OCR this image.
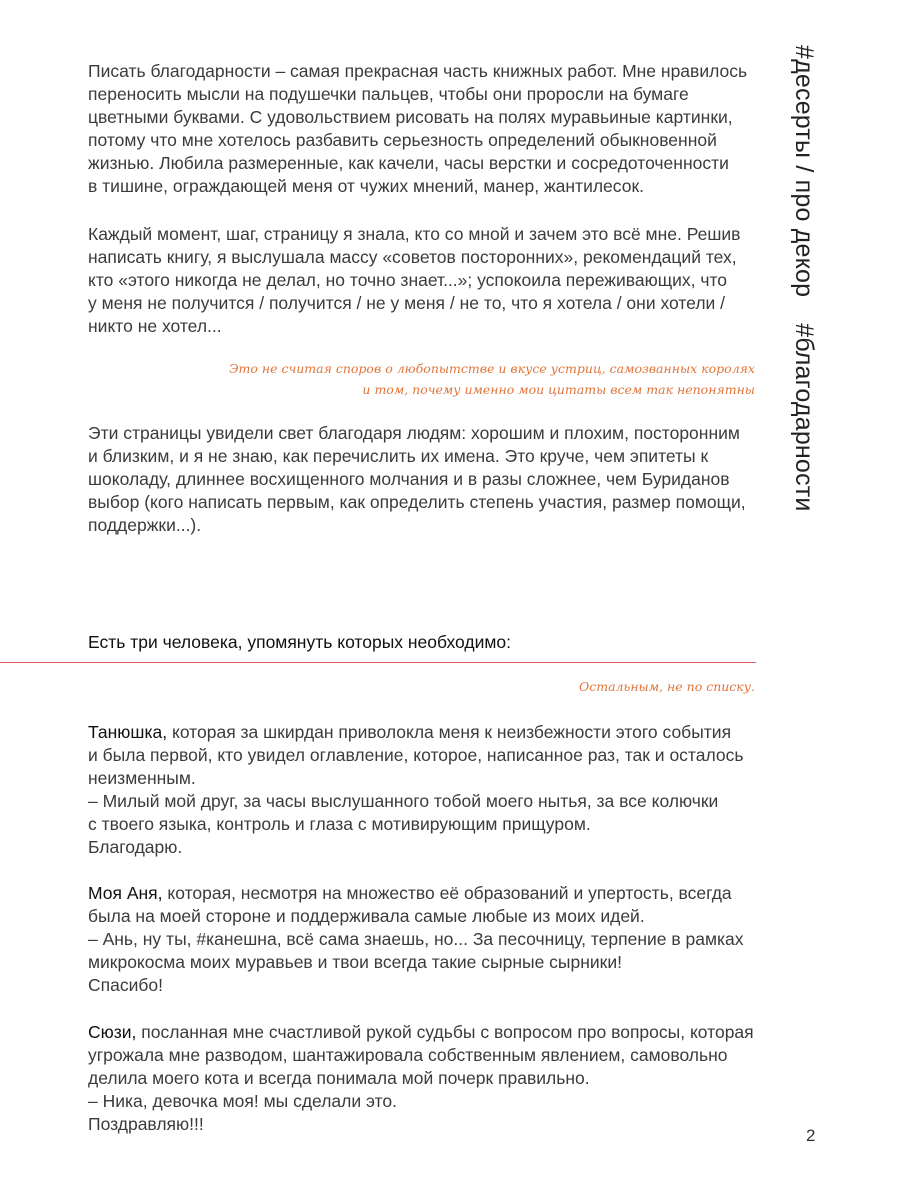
#десерты / про декор#благодарности

Писать благодарности – самая прекрасная часть книжных работ. Мне нравилось

переносить мысли на подушечки пальцев, чтобы они проросли на бумаге

цветными буквами. С удовольствием рисовать на полях муравьиные картинки,

потому что мне хотелось разбавить серьезность определений обыкновенной

жизнью. Любила размеренные, как качели, часы верстки и сосредоточенности

в тишине, ограждающей меня от чужих мнений, манер, жантилесок.

Каждый момент, шаг, страницу я знала, кто со мной и зачем это всё мне. Решив

написать книгу, я выслушала массу «советов посторонних», рекомендаций тех,

кто «этого никогда не делал, но точно знает...»; успокоила переживающих, что

у меня не получится / получится / не у меня / не то, что я хотела / они хотели /

никто не хотел...

Это не считая споров о любопытстве и вкусе устриц, самозванных королях
и том, почему именно мои цитаты всем так непонятны

Эти страницы увидели свет благодаря людям: хорошим и плохим, посторонним

и близким, и я не знаю, как перечислить их имена. Это круче, чем эпитеты к

шоколаду, длиннее восхищенного молчания и в разы сложнее, чем Буриданов

выбор (кого написать первым, как определить степень участия, размер помощи,

поддержки...).

Есть три человека, упомянуть которых необходимо:
Остальным, не по списку.

Танюшка, которая за шкирдан приволокла меня к неизбежности этого события

и была первой, кто увидел оглавление, которое, написанное раз, так и осталось

неизменным.

– Милый мой друг, за часы выслушанного тобой моего нытья, за все колючки

с твоего языка, контроль и глаза с мотивирующим прищуром.

Благодарю.

Моя Аня, которая, несмотря на множество её образований и упертость, всегда

была на моей стороне и поддерживала самые любые из моих идей.

– Ань, ну ты, #канешна, всё сама знаешь, но... За песочницу, терпение в рамках

микрокосма моих муравьев и твои всегда такие сырные сырники!

Спасибо!

Сюзи, посланная мне счастливой рукой судьбы с вопросом про вопросы, которая

угрожала мне разводом, шантажировала собственным явлением, самовольно

делила моего кота и всегда понимала мой почерк правильно.

– Ника, девочка моя! мы сделали это.

Поздравляю!!!

2
